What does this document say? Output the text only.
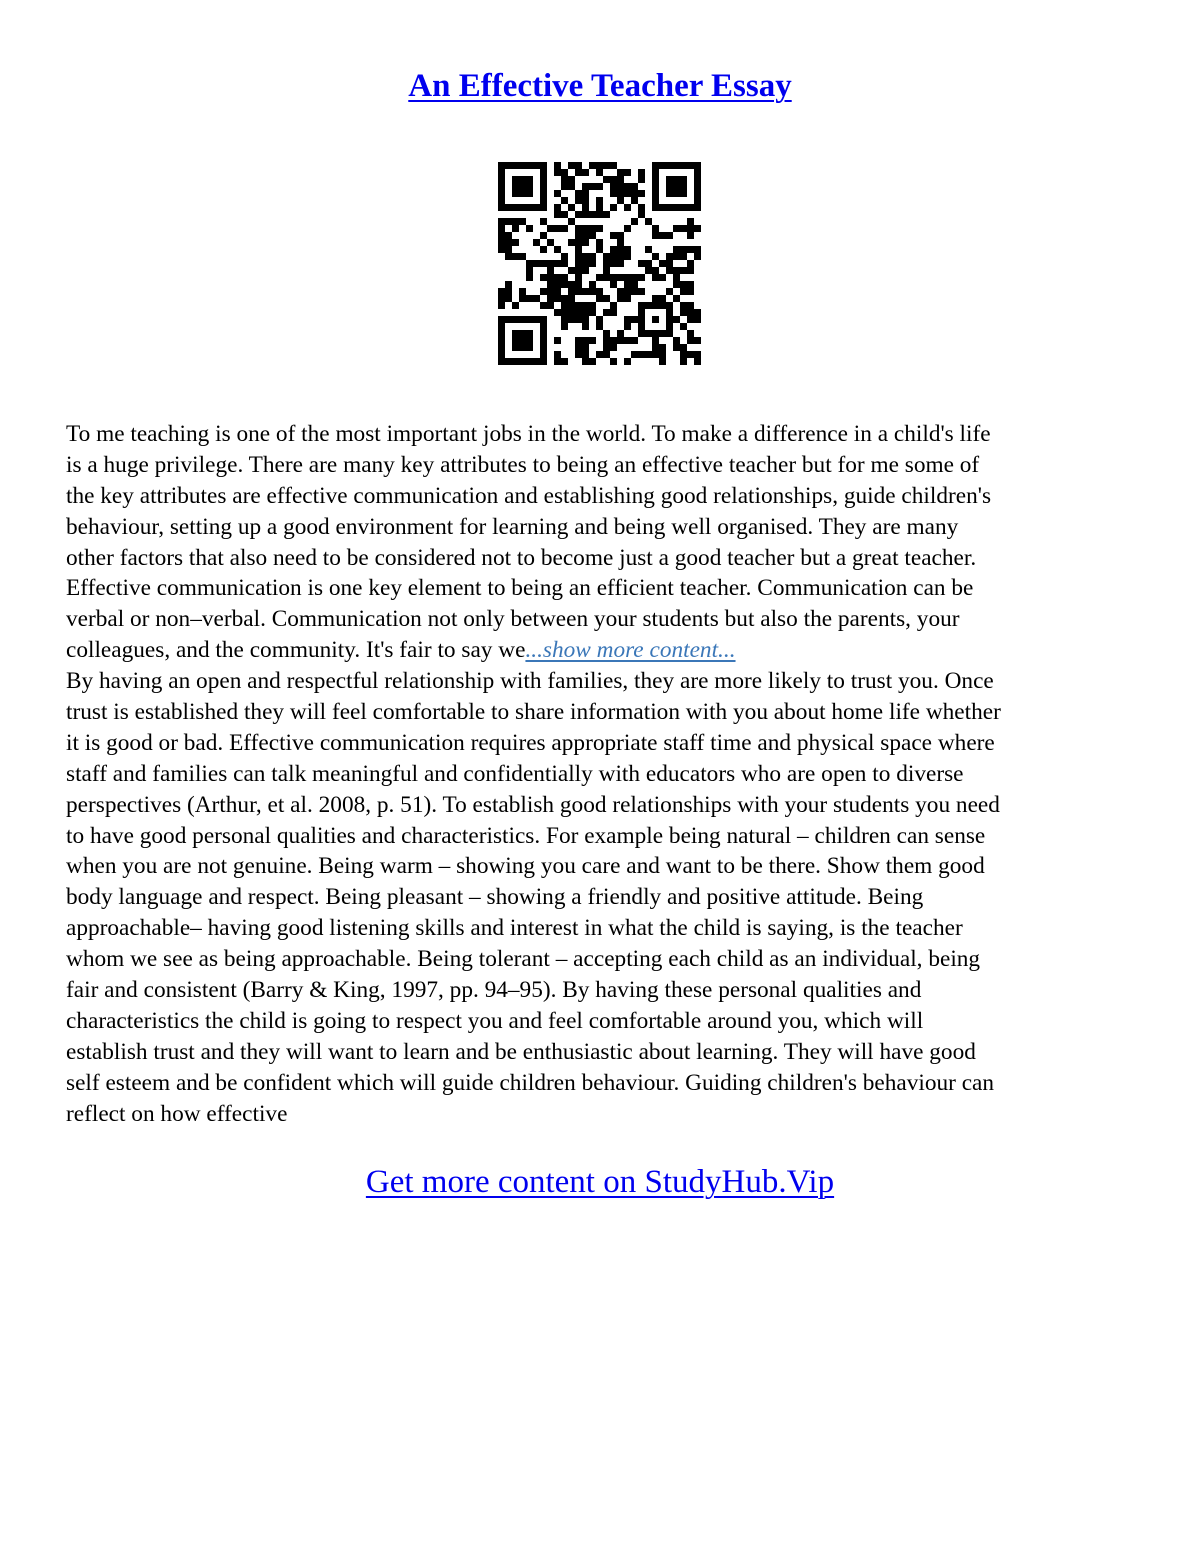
An Effective Teacher Essay
To me teaching is one of the most important jobs in the world. To make a difference in a child's life
is a huge privilege. There are many key attributes to being an effective teacher but for me some of
the key attributes are effective communication and establishing good relationships, guide children's
behaviour, setting up a good environment for learning and being well organised. They are many
other factors that also need to be considered not to become just a good teacher but a great teacher.
Effective communication is one key element to being an efficient teacher. Communication can be
verbal or non–verbal. Communication not only between your students but also the parents, your
colleagues, and the community. It's fair to say we...show more content...
By having an open and respectful relationship with families, they are more likely to trust you. Once
trust is established they will feel comfortable to share information with you about home life whether
it is good or bad. Effective communication requires appropriate staff time and physical space where
staff and families can talk meaningful and confidentially with educators who are open to diverse
perspectives (Arthur, et al. 2008, p. 51). To establish good relationships with your students you need
to have good personal qualities and characteristics. For example being natural – children can sense
when you are not genuine. Being warm – showing you care and want to be there. Show them good
body language and respect. Being pleasant – showing a friendly and positive attitude. Being
approachable– having good listening skills and interest in what the child is saying, is the teacher
whom we see as being approachable. Being tolerant – accepting each child as an individual, being
fair and consistent (Barry & King, 1997, pp. 94–95). By having these personal qualities and
characteristics the child is going to respect you and feel comfortable around you, which will
establish trust and they will want to learn and be enthusiastic about learning. They will have good
self esteem and be confident which will guide children behaviour. Guiding children's behaviour can
reflect on how effective
Get more content on StudyHub.Vip
